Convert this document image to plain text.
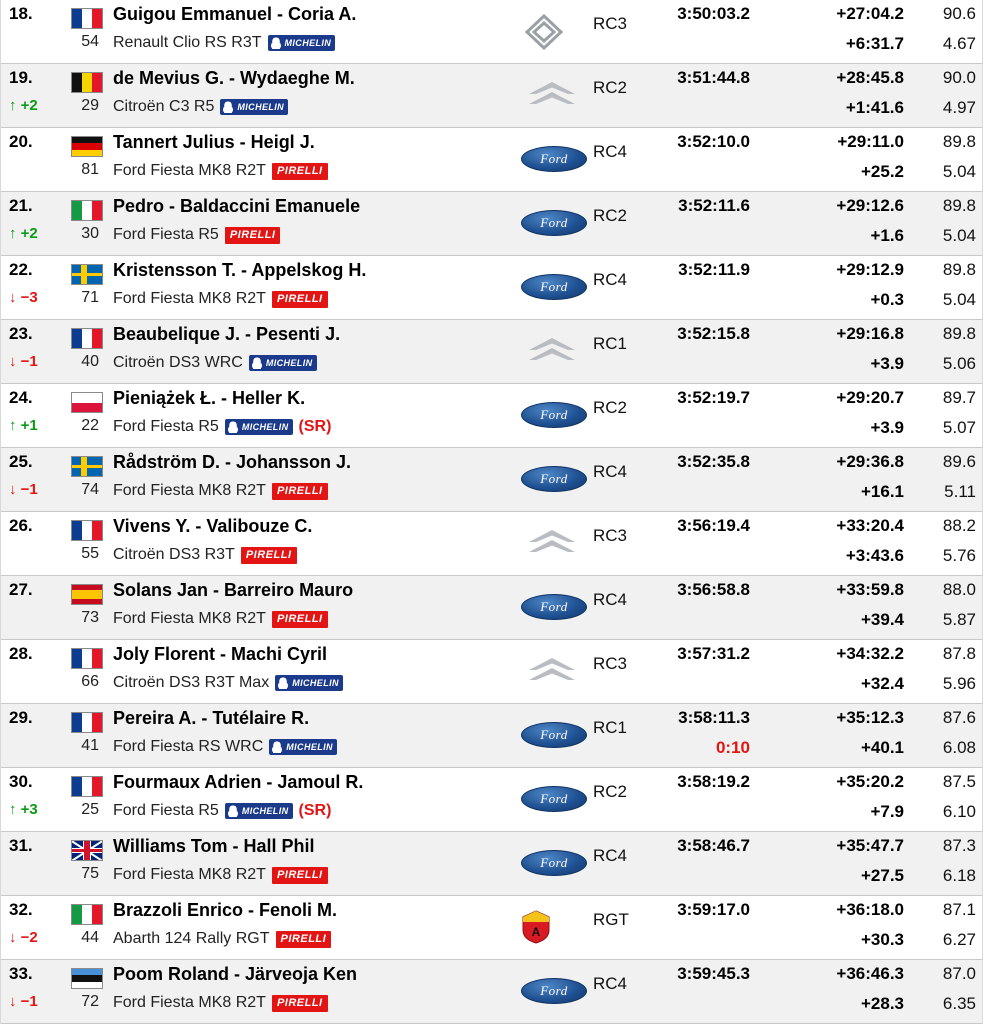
18.
54
Guigou Emmanuel - Coria A.
Renault Clio RS R3T	MICHELIN
RC3
3:50:03.2	+27:04.2
+6:31.7
90.6
4.67
19.
↑ +2	29
de Mevius G. - Wydaeghe M.
Citroën C3 R5	MICHELIN
RC2
3:51:44.8	+28:45.8
+1:41.6
90.0
4.97
20.
81
Tannert Julius - Heigl J.
Ford Fiesta MK8 R2T	PIRELLI
Ford	RC4
3:52:10.0	+29:11.0
+25.2
89.8
5.04
21.
↑ +2	30
Pedro - Baldaccini Emanuele
Ford Fiesta R5	PIRELLI
Ford	RC2
3:52:11.6	+29:12.6
+1.6
89.8
5.04
22.
↓ −3	71
Kristensson T. - Appelskog H.
Ford Fiesta MK8 R2T	PIRELLI
Ford	RC4
3:52:11.9	+29:12.9
+0.3
89.8
5.04
23.
↓ −1	40
Beaubelique J. - Pesenti J.
Citroën DS3 WRC	MICHELIN
RC1
3:52:15.8	+29:16.8
+3.9
89.8
5.06
24.
↑ +1	22
Pieniążek Ł. - Heller K.
Ford Fiesta R5	MICHELIN (SR)
Ford	RC2
3:52:19.7	+29:20.7
+3.9
89.7
5.07
25.
↓ −1	74
Rådström D. - Johansson J.
Ford Fiesta MK8 R2T	PIRELLI
Ford	RC4
3:52:35.8	+29:36.8
+16.1
89.6
5.11
26.
55
Vivens Y. - Valibouze C.
Citroën DS3 R3T	PIRELLI
RC3
3:56:19.4	+33:20.4
+3:43.6
88.2
5.76
27.
73
Solans Jan - Barreiro Mauro
Ford Fiesta MK8 R2T	PIRELLI
Ford	RC4
3:56:58.8	+33:59.8
+39.4
88.0
5.87
28.
66
Joly Florent - Machi Cyril
Citroën DS3 R3T Max	MICHELIN
RC3
3:57:31.2	+34:32.2
+32.4
87.8
5.96
29.
41
Pereira A. - Tutélaire R.
Ford Fiesta RS WRC	MICHELIN
Ford	RC1
3:58:11.3
0:10
+35:12.3
+40.1
87.6
6.08
30.
↑ +3	25
Fourmaux Adrien - Jamoul R.
Ford Fiesta R5	MICHELIN (SR)
Ford	RC2
3:58:19.2	+35:20.2
+7.9
87.5
6.10
31.
75
Williams Tom - Hall Phil
Ford Fiesta MK8 R2T	PIRELLI
Ford	RC4
3:58:46.7	+35:47.7
+27.5
87.3
6.18
32.
↓ −2	44
Brazzoli Enrico - Fenoli M.
Abarth 124 Rally RGT	PIRELLI	A
RGT
3:59:17.0	+36:18.0
+30.3
87.1
6.27
33.
↓ −1	72
Poom Roland - Järveoja Ken
Ford Fiesta MK8 R2T	PIRELLI
Ford	RC4
3:59:45.3	+36:46.3
+28.3
87.0
6.35
